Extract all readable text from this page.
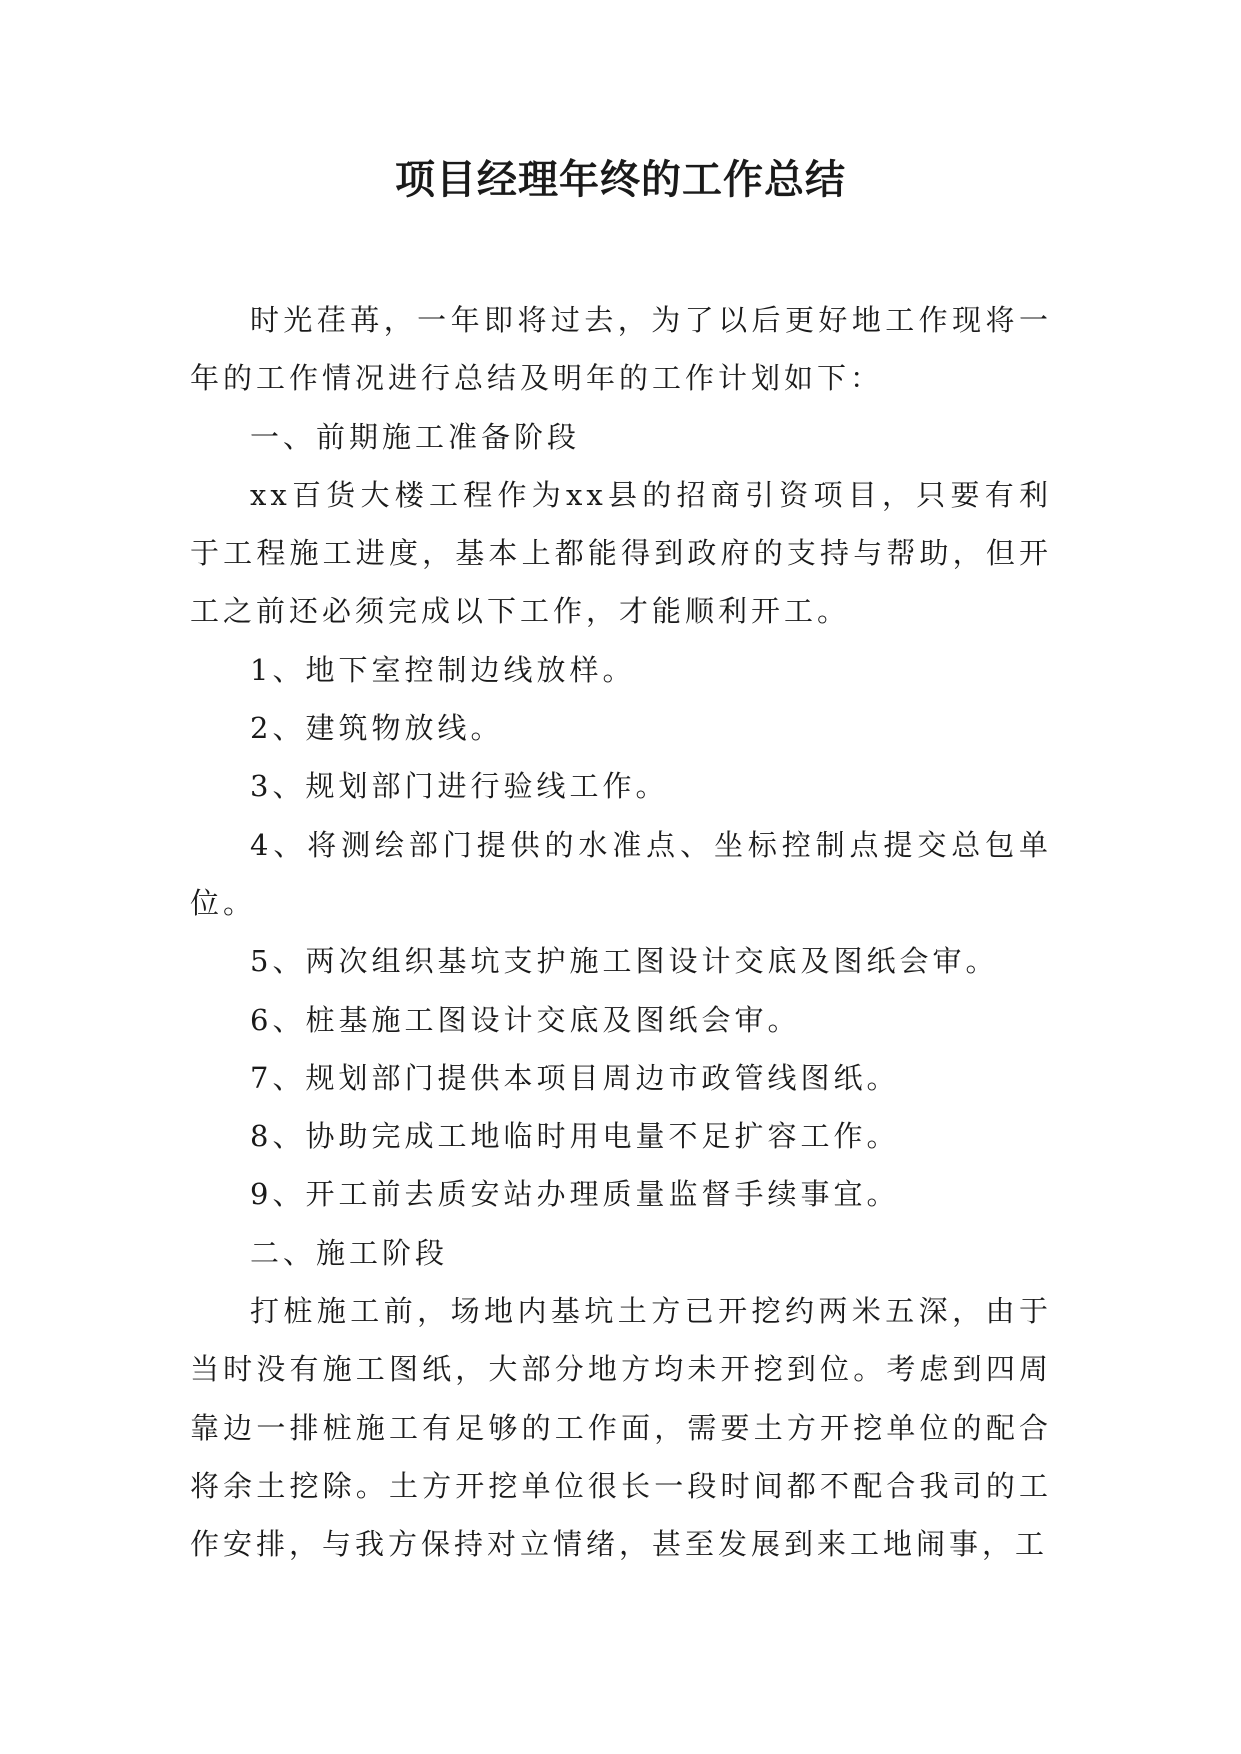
项目经理年终的工作总结

时光荏苒，一年即将过去，为了以后更好地工作现将一年的工作情况进行总结及明年的工作计划如下：

一、前期施工准备阶段

xx百货大楼工程作为xx县的招商引资项目，只要有利于工程施工进度，基本上都能得到政府的支持与帮助，但开工之前还必须完成以下工作，才能顺利开工。

1、地下室控制边线放样。

2、建筑物放线。

3、规划部门进行验线工作。

4、将测绘部门提供的水准点、坐标控制点提交总包单位。

5、两次组织基坑支护施工图设计交底及图纸会审。

6、桩基施工图设计交底及图纸会审。

7、规划部门提供本项目周边市政管线图纸。

8、协助完成工地临时用电量不足扩容工作。

9、开工前去质安站办理质量监督手续事宜。

二、施工阶段

打桩施工前，场地内基坑土方已开挖约两米五深，由于当时没有施工图纸，大部分地方均未开挖到位。考虑到四周靠边一排桩施工有足够的工作面，需要土方开挖单位的配合将余土挖除。土方开挖单位很长一段时间都不配合我司的工作安排，与我方保持对立情绪，甚至发展到来工地闹事，工
